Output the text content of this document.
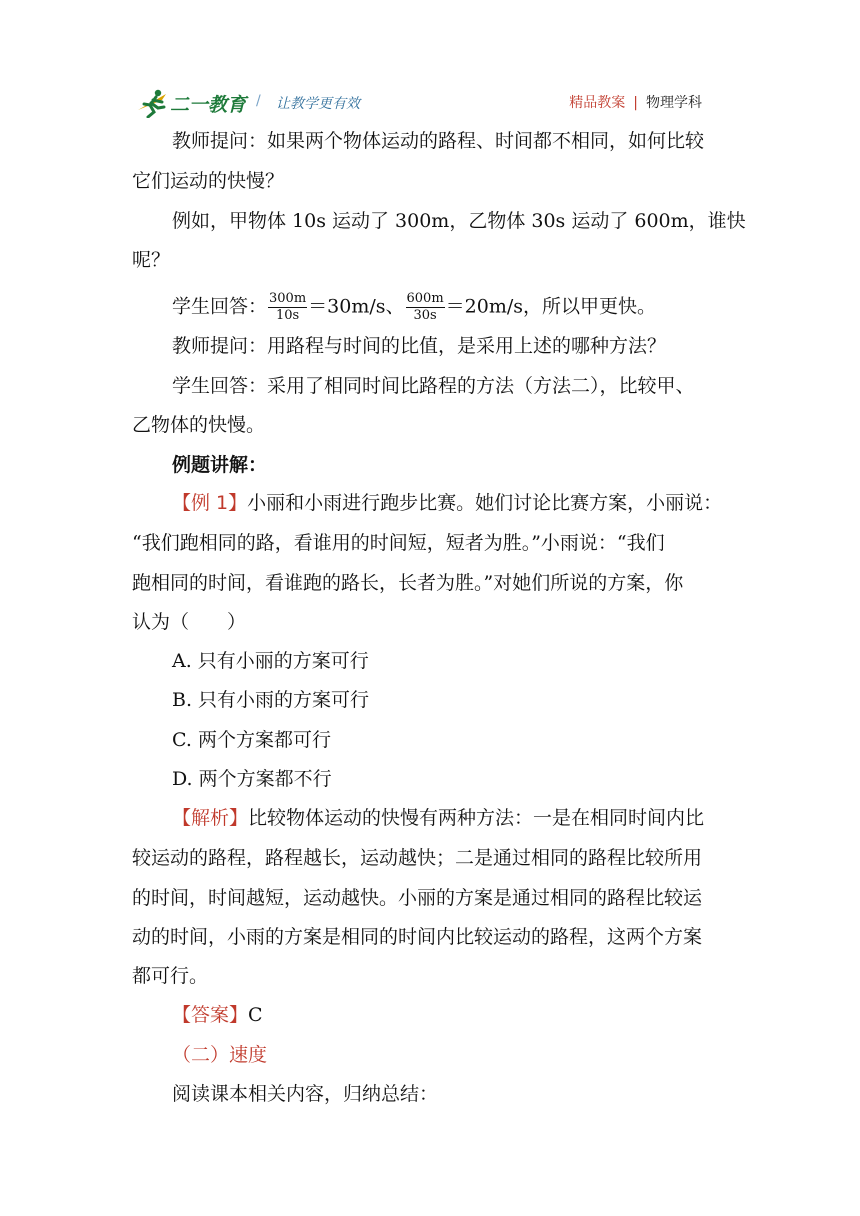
二一教育 / 让教学更有效	精品教案 | 物理学科
教师提问：如果两个物体运动的路程、时间都不相同，如何比较
它们运动的快慢？
例如，甲物体 10s 运动了 300m，乙物体 30s 运动了 600m，谁快
呢？
学生回答： $\frac{300m}{10s} =30m/s$、 $\frac{600m}{30s} =20m/s$，所以甲更快。
教师提问：用路程与时间的比值，是采用上述的哪种方法？
学生回答：采用了相同时间比路程的方法（方法二），比较甲、
乙物体的快慢。
例题讲解：
【例 1】小丽和小雨进行跑步比赛。她们讨论比赛方案，小丽说：
“我们跑相同的路，看谁用的时间短，短者为胜。”小雨说：“我们
跑相同的时间，看谁跑的路长，长者为胜。”对她们所说的方案，你
认为（　　）
A. 只有小丽的方案可行
B. 只有小雨的方案可行
C. 两个方案都可行
D. 两个方案都不行
【解析】比较物体运动的快慢有两种方法：一是在相同时间内比
较运动的路程，路程越长，运动越快；二是通过相同的路程比较所用
的时间，时间越短，运动越快。小丽的方案是通过相同的路程比较运
动的时间，小雨的方案是相同的时间内比较运动的路程，这两个方案
都可行。
【答案】C
（二）速度
阅读课本相关内容，归纳总结：
